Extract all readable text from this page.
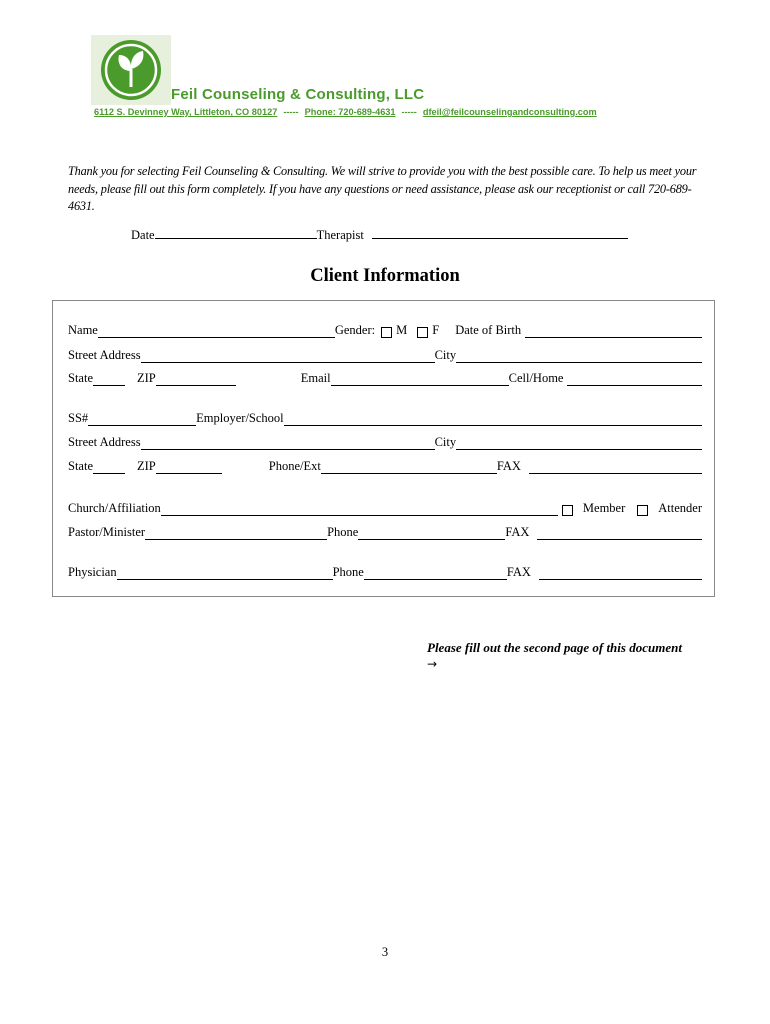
Feil Counseling & Consulting, LLC
6112 S. Devinney Way, Littleton, CO 80127 ----- Phone: 720-689-4631 ----- dfeil@feilcounselingandconsulting.com
Thank you for selecting Feil Counseling & Consulting. We will strive to provide you with the best possible care. To help us meet your needs, please fill out this form completely. If you have any questions or need assistance, please ask our receptionist or call 720-689-4631.
Date	Therapist
Client Information
Name	Gender: M F Date of Birth
Street Address	City
State	ZIP	Email	Cell/Home
SS#	Employer/School
Street Address	City
State	ZIP	Phone/Ext	FAX
Church/Affiliation	Member	Attender
Pastor/Minister	Phone	FAX
Physician	Phone	FAX
Please fill out the second page of this document
→
3
